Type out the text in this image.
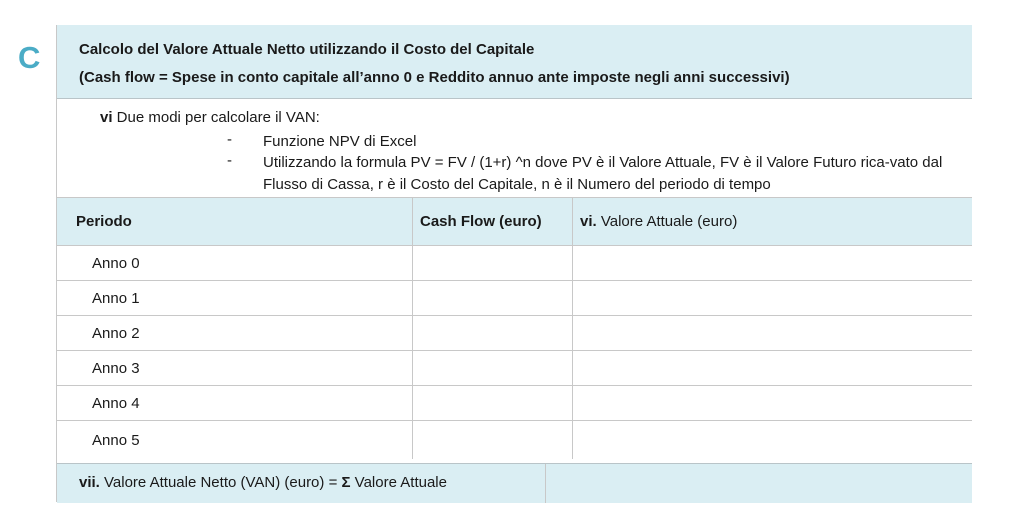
C	Calcolo del Valore Attuale Netto utilizzando il Costo del Capitale
(Cash flow = Spese in conto capitale all’anno 0 e Reddito annuo ante imposte negli anni successivi)
vi Due modi per calcolare il VAN:
- Funzione NPV di Excel
- Utilizzando la formula PV = FV / (1+r) ^n dove PV è il Valore Attuale, FV è il Valore Futuro rica-vato dal Flusso di Cassa, r è il Costo del Capitale, n è il Numero del periodo di tempo
Periodo	Cash Flow (euro)	vi. Valore Attuale (euro)
Anno 0		
Anno 1		
Anno 2		
Anno 3		
Anno 4		
Anno 5		
vii. Valore Attuale Netto (VAN) (euro) = Σ Valore Attuale
